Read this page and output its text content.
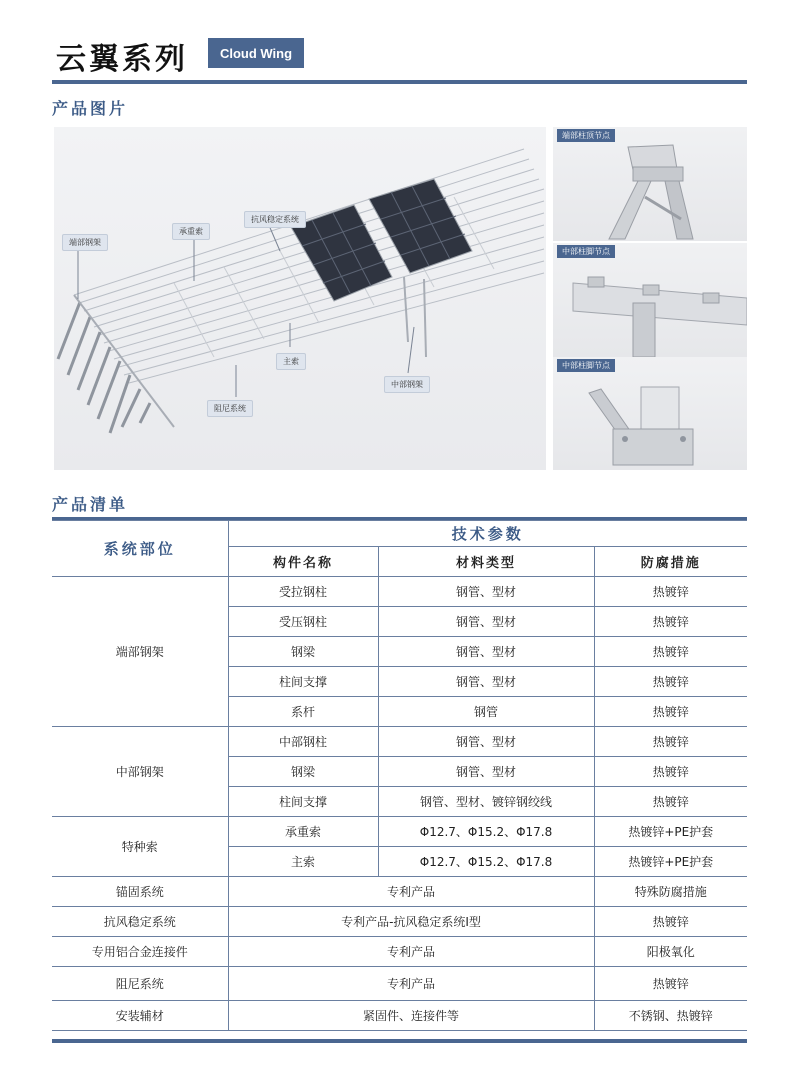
云翼系列	Cloud Wing
产品图片
端部钢架
承重索
抗风稳定系统
主索
阻尼系统
中部钢架
端部柱顶节点
中部柱脚节点
中部柱脚节点
产品清单
系统部位	技术参数		
	构件名称	材料类型	防腐措施
端部钢架	受拉钢柱	钢管、型材	热镀锌
	受压钢柱	钢管、型材	热镀锌
	钢梁	钢管、型材	热镀锌
	柱间支撑	钢管、型材	热镀锌
	系杆	钢管	热镀锌
中部钢架	中部钢柱	钢管、型材	热镀锌
	钢梁	钢管、型材	热镀锌
	柱间支撑	钢管、型材、镀锌钢绞线	热镀锌
特种索	承重索	Φ12.7、Φ15.2、Φ17.8	热镀锌+PE护套
	主索	Φ12.7、Φ15.2、Φ17.8	热镀锌+PE护套
锚固系统	专利产品		特殊防腐措施
抗风稳定系统	专利产品-抗风稳定系统Ⅰ型		热镀锌
专用铝合金连接件	专利产品		阳极氧化
阻尼系统	专利产品		热镀锌
安装辅材	紧固件、连接件等		不锈钢、热镀锌
